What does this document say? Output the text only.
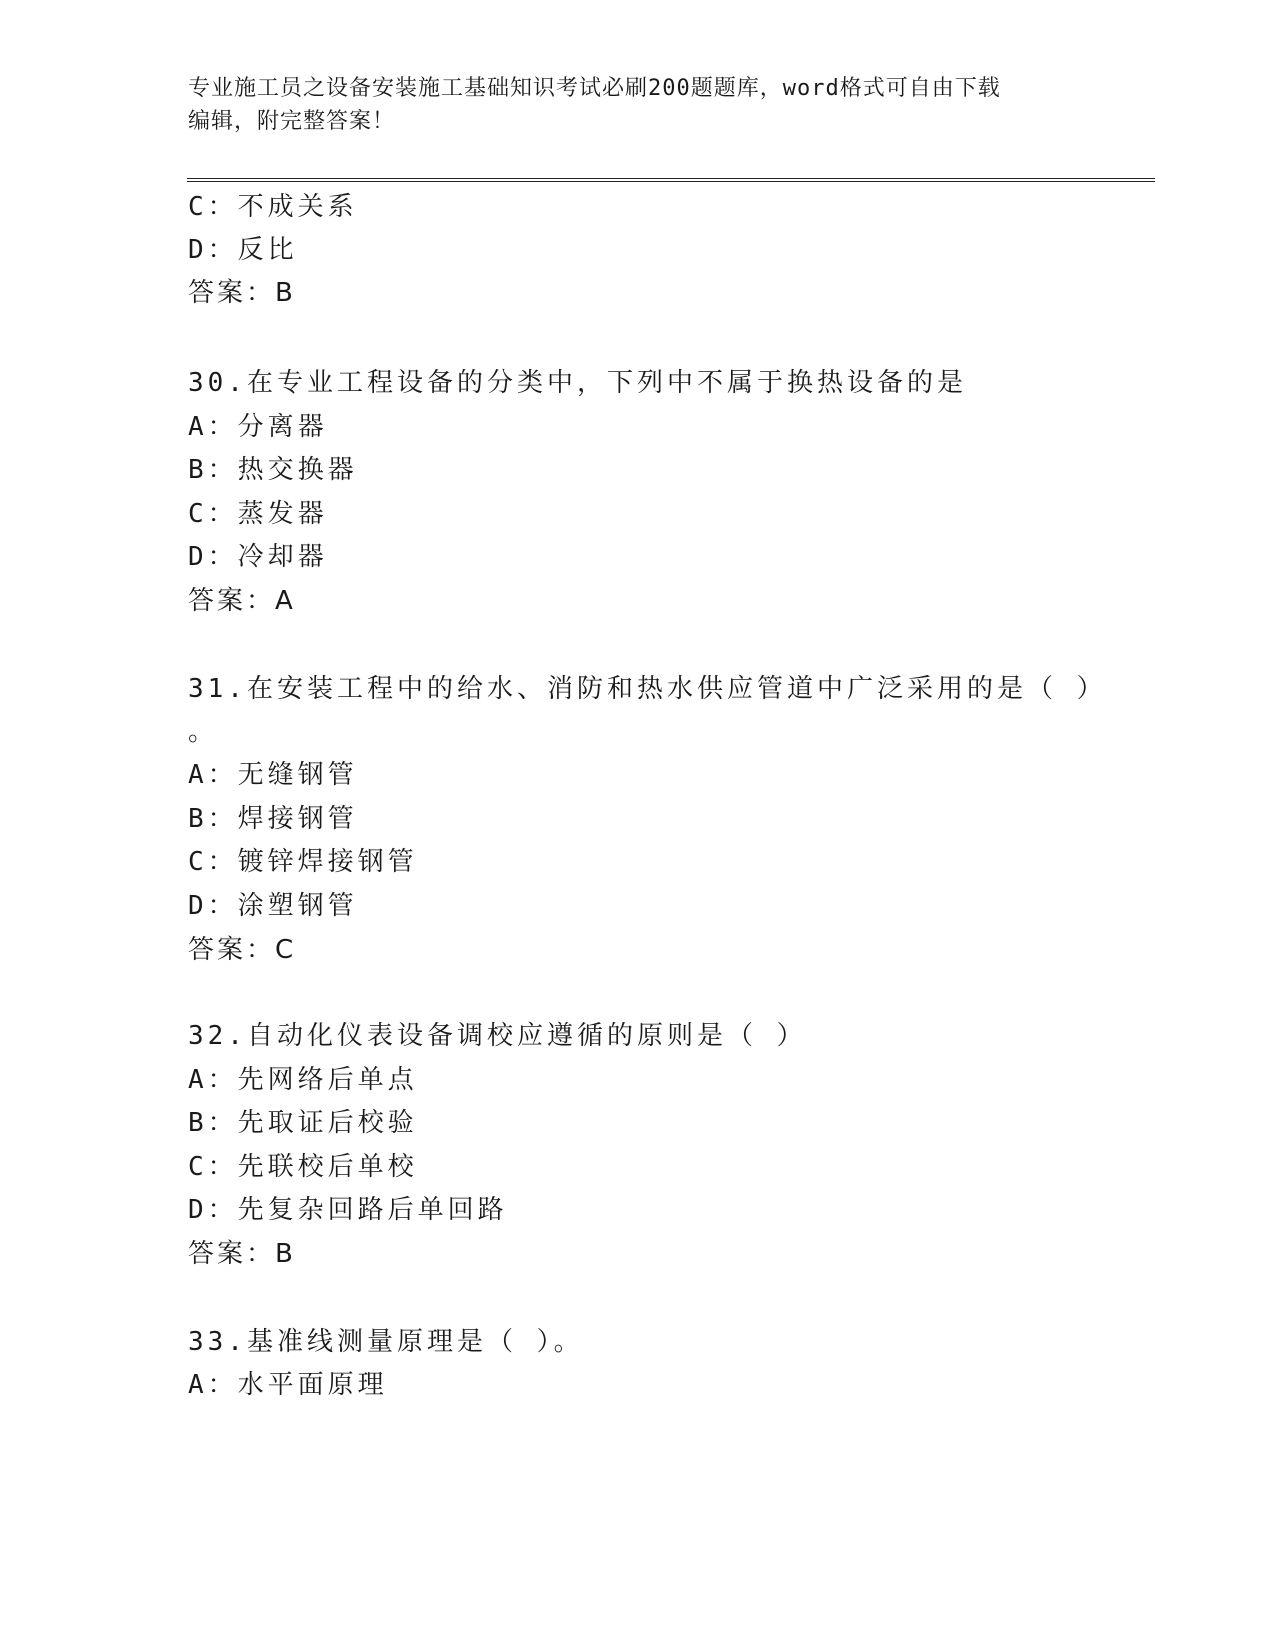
专业施工员之设备安装施工基础知识考试必刷200题题库，word格式可自由下载
编辑，附完整答案！
C：不成关系
D：反比
答案：B
30.在专业工程设备的分类中，下列中不属于换热设备的是
A：分离器
B：热交换器
C：蒸发器
D：冷却器
答案：A
31.在安装工程中的给水、消防和热水供应管道中广泛采用的是（ ）
。
A：无缝钢管
B：焊接钢管
C：镀锌焊接钢管
D：涂塑钢管
答案：C
32.自动化仪表设备调校应遵循的原则是（ ）
A：先网络后单点
B：先取证后校验
C：先联校后单校
D：先复杂回路后单回路
答案：B
33.基准线测量原理是（ ）。
A：水平面原理
